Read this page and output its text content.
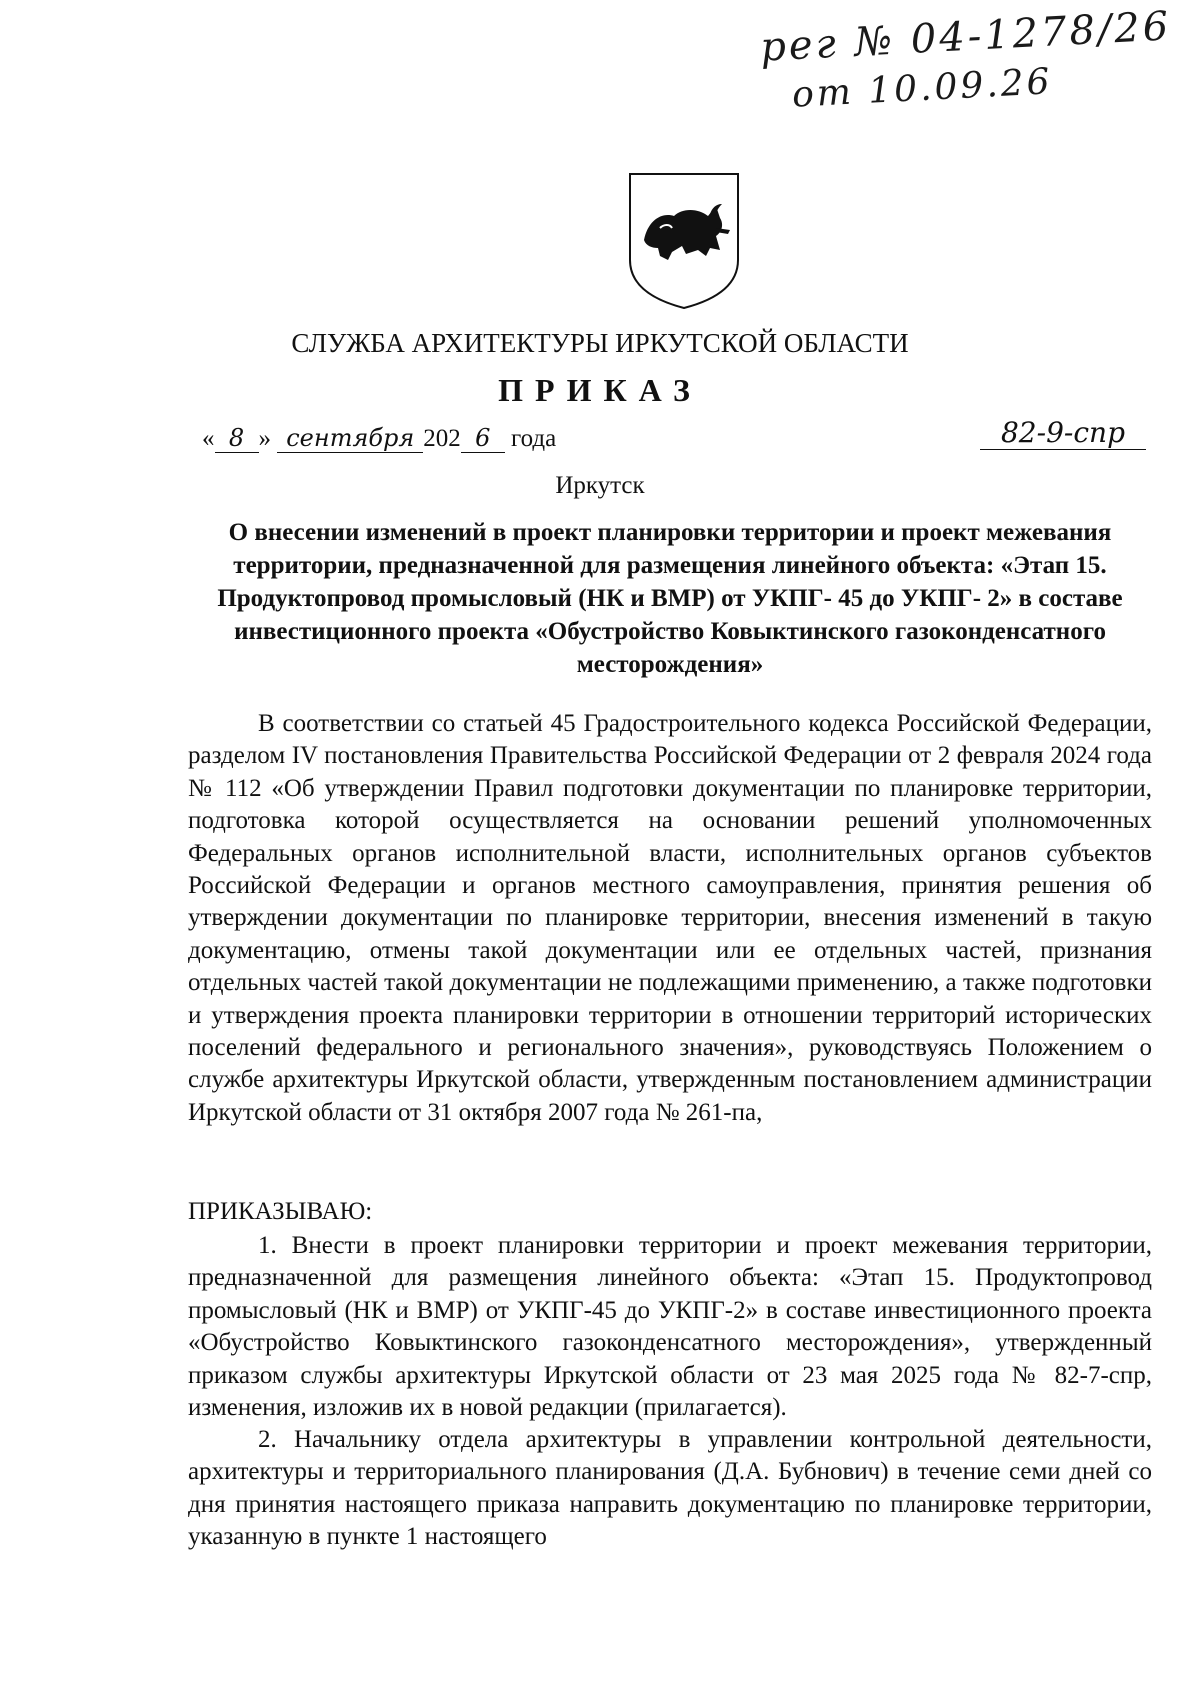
рег № 04-1278/26
от 10.09.26
СЛУЖБА АРХИТЕКТУРЫ ИРКУТСКОЙ ОБЛАСТИ
ПРИКАЗ
« 8 » сентября 202 6 года	82-9-спр
Иркутск
О внесении изменений в проект планировки территории и проект межевания территории, предназначенной для размещения линейного объекта: «Этап 15. Продуктопровод промысловый (НК и ВМР) от УКПГ- 45 до УКПГ- 2» в составе инвестиционного проекта «Обустройство Ковыктинского газоконденсатного месторождения»

В соответствии со статьей 45 Градостроительного кодекса Российской Федерации, разделом IV постановления Правительства Российской Федерации от 2 февраля 2024 года № 112 «Об утверждении Правил подготовки документации по планировке территории, подготовка которой осуществляется на основании решений уполномоченных Федеральных органов исполнительной власти, исполнительных органов субъектов Российской Федерации и органов местного самоуправления, принятия решения об утверждении документации по планировке территории, внесения изменений в такую документацию, отмены такой документации или ее отдельных частей, признания отдельных частей такой документации не подлежащими применению, а также подготовки и утверждения проекта планировки территории в отношении территорий исторических поселений федерального и регионального значения», руководствуясь Положением о службе архитектуры Иркутской области, утвержденным постановлением администрации Иркутской области от 31 октября 2007 года № 261-па,

ПРИКАЗЫВАЮ:

1. Внести в проект планировки территории и проект межевания территории, предназначенной для размещения линейного объекта: «Этап 15. Продуктопровод промысловый (НК и ВМР) от УКПГ-45 до УКПГ-2» в составе инвестиционного проекта «Обустройство Ковыктинского газоконденсатного месторождения», утвержденный приказом службы архитектуры Иркутской области от 23 мая 2025 года № 82-7-спр, изменения, изложив их в новой редакции (прилагается).

2. Начальнику отдела архитектуры в управлении контрольной деятельности, архитектуры и территориального планирования (Д.А. Бубнович) в течение семи дней со дня принятия настоящего приказа направить документацию по планировке территории, указанную в пункте 1 настоящего
